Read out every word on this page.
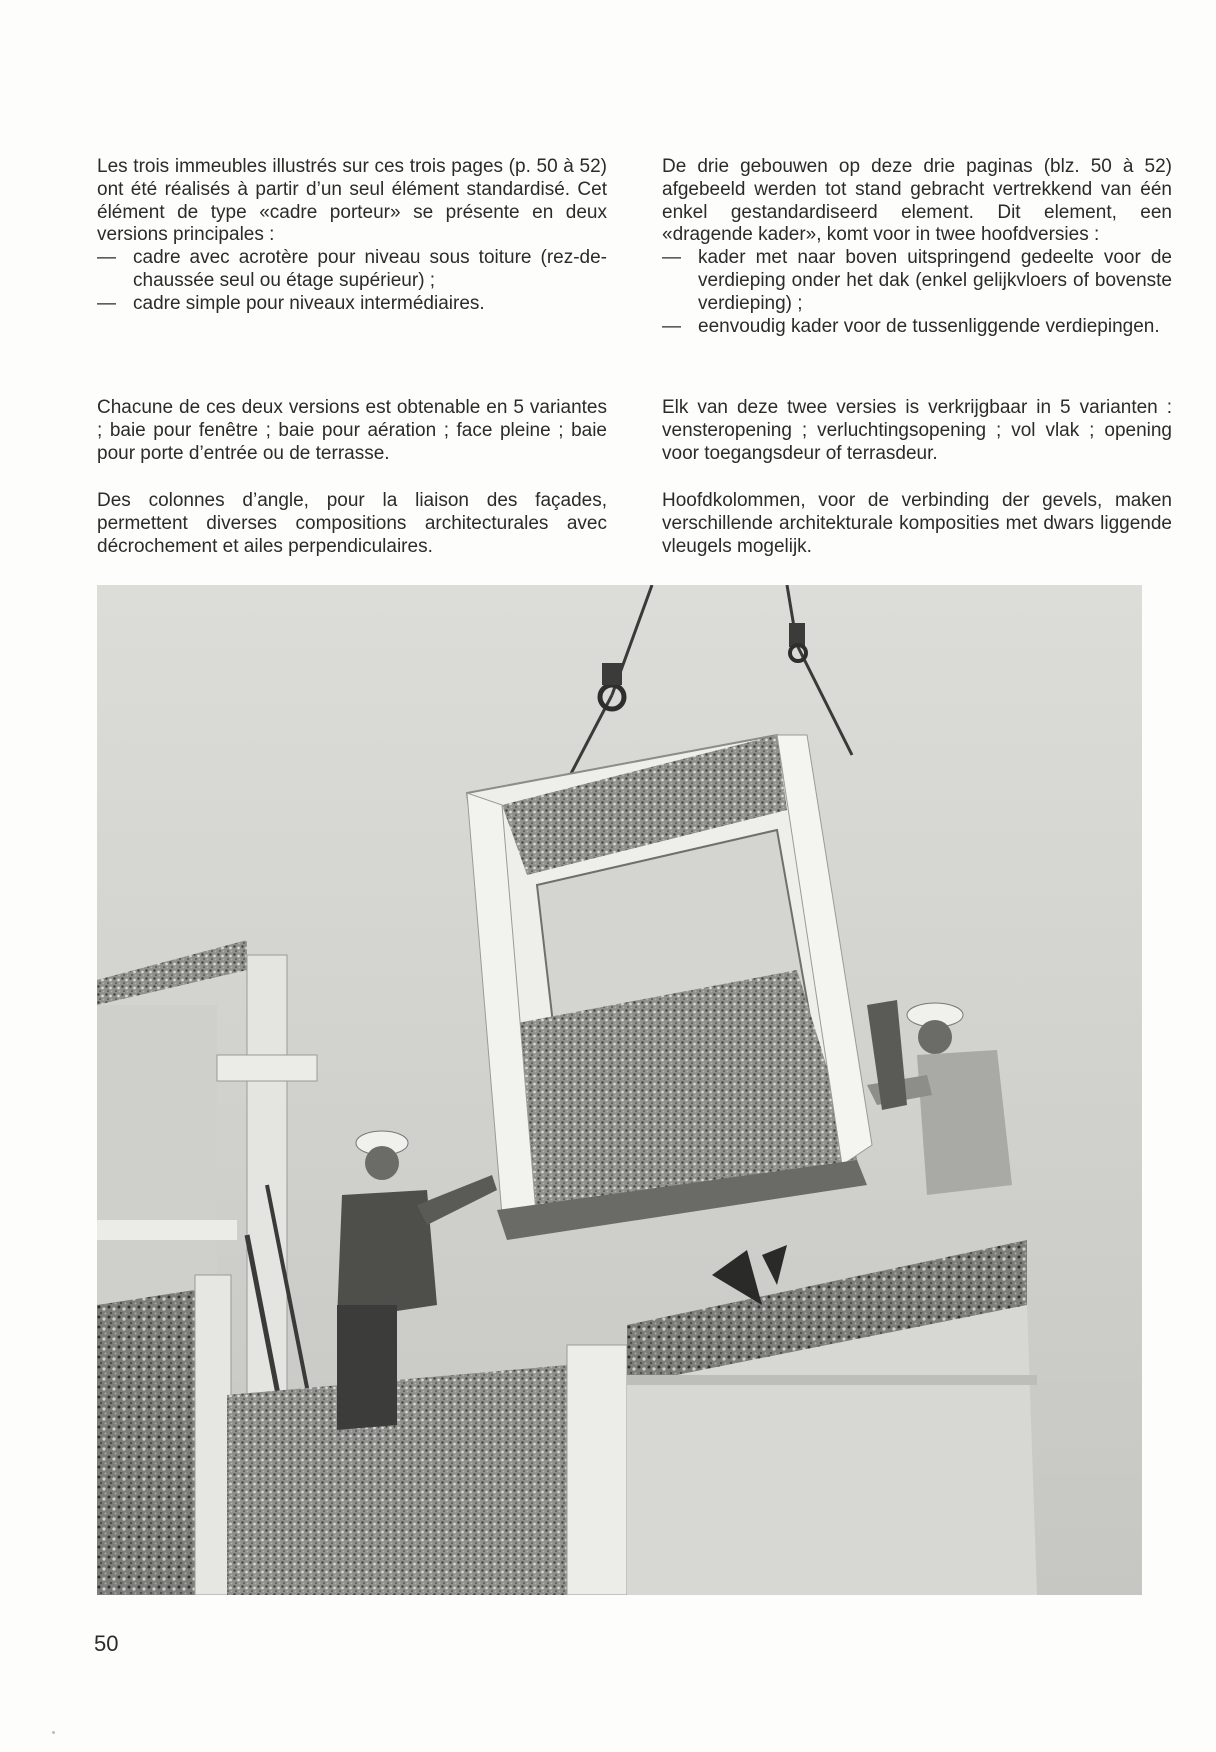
Les trois immeubles illustrés sur ces trois pages (p. 50 à 52) ont été réalisés à partir d’un seul élément standardisé. Cet élément de type «cadre porteur» se présente en deux versions principales :

— cadre avec acrotère pour niveau sous toiture (rez-de-chaussée seul ou étage supérieur) ;
— cadre simple pour niveaux intermédiaires.

Chacune de ces deux versions est obtenable en 5 variantes ; baie pour fenêtre ; baie pour aération ; face pleine ; baie pour porte d’entrée ou de terrasse.

Des colonnes d’angle, pour la liaison des façades, permettent diverses compositions architecturales avec décrochement et ailes perpendiculaires.

De drie gebouwen op deze drie paginas (blz. 50 à 52) afgebeeld werden tot stand gebracht vertrekkend van één enkel gestandardiseerd element. Dit element, een «dragende kader», komt voor in twee hoofdversies :

— kader met naar boven uitspringend gedeelte voor de verdieping onder het dak (enkel gelijkvloers of bovenste verdieping) ;
— eenvoudig kader voor de tussenliggende verdiepingen.

Elk van deze twee versies is verkrijgbaar in 5 varianten : vensteropening ; verluchtingsopening ; vol vlak ; opening voor toegangsdeur of terrasdeur.

Hoofdkolommen, voor de verbinding der gevels, maken verschillende architekturale komposities met dwars liggende vleugels mogelijk.

50
